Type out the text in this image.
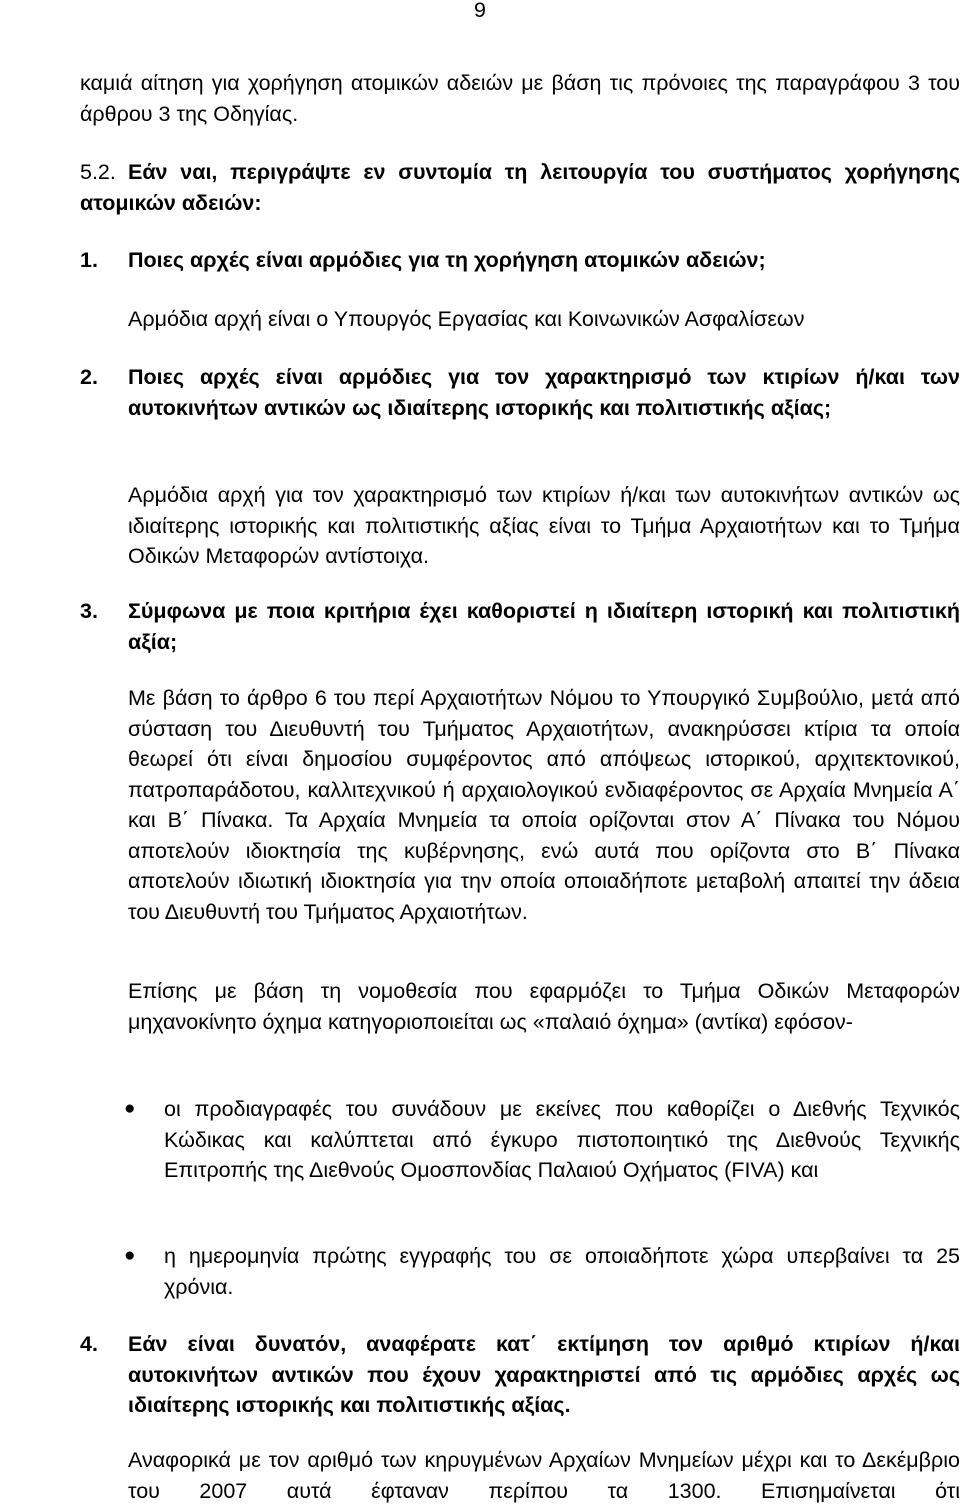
9
καμιά αίτηση για χορήγηση ατομικών αδειών με βάση τις πρόνοιες της παραγράφου 3 του άρθρου 3 της Οδηγίας.
5.2. Εάν ναι, περιγράψτε εν συντομία τη λειτουργία του συστήματος χορήγησης ατομικών αδειών:
1. Ποιες αρχές είναι αρμόδιες για τη χορήγηση ατομικών αδειών;
Αρμόδια αρχή είναι ο Υπουργός Εργασίας και Κοινωνικών Ασφαλίσεων
2. Ποιες αρχές είναι αρμόδιες για τον χαρακτηρισμό των κτιρίων ή/και των αυτοκινήτων αντικών ως ιδιαίτερης ιστορικής και πολιτιστικής αξίας;
Αρμόδια αρχή για τον χαρακτηρισμό των κτιρίων ή/και των αυτοκινήτων αντικών ως ιδιαίτερης ιστορικής και πολιτιστικής αξίας είναι το Τμήμα Αρχαιοτήτων και το Τμήμα Οδικών Μεταφορών αντίστοιχα.
3. Σύμφωνα με ποια κριτήρια έχει καθοριστεί η ιδιαίτερη ιστορική και πολιτιστική αξία;
Με βάση το άρθρο 6 του περί Αρχαιοτήτων Νόμου το Υπουργικό Συμβούλιο, μετά από σύσταση του Διευθυντή του Τμήματος Αρχαιοτήτων, ανακηρύσσει κτίρια τα οποία θεωρεί ότι είναι δημοσίου συμφέροντος από απόψεως ιστορικού, αρχιτεκτονικού, πατροπαράδοτου, καλλιτεχνικού ή αρχαιολογικού ενδιαφέροντος σε Αρχαία Μνημεία Α΄ και Β΄ Πίνακα. Τα Αρχαία Μνημεία τα οποία ορίζονται στον Α΄ Πίνακα του Νόμου αποτελούν ιδιοκτησία της κυβέρνησης, ενώ αυτά που ορίζοντα στο Β΄ Πίνακα αποτελούν ιδιωτική ιδιοκτησία για την οποία οποιαδήποτε μεταβολή απαιτεί την άδεια του Διευθυντή του Τμήματος Αρχαιοτήτων.
Επίσης με βάση τη νομοθεσία που εφαρμόζει το Τμήμα Οδικών Μεταφορών μηχανοκίνητο όχημα κατηγοριοποιείται ως «παλαιό όχημα» (αντίκα) εφόσον-
● οι προδιαγραφές του συνάδουν με εκείνες που καθορίζει ο Διεθνής Τεχνικός Κώδικας και καλύπτεται από έγκυρο πιστοποιητικό της Διεθνούς Τεχνικής Επιτροπής της Διεθνούς Ομοσπονδίας Παλαιού Οχήματος (FIVA) και
● η ημερομηνία πρώτης εγγραφής του σε οποιαδήποτε χώρα υπερβαίνει τα 25 χρόνια.
4. Εάν είναι δυνατόν, αναφέρατε κατ΄ εκτίμηση τον αριθμό κτιρίων ή/και αυτοκινήτων αντικών που έχουν χαρακτηριστεί από τις αρμόδιες αρχές ως ιδιαίτερης ιστορικής και πολιτιστικής αξίας.
Αναφορικά με τον αριθμό των κηρυγμένων Αρχαίων Μνημείων μέχρι και το Δεκέμβριο του 2007 αυτά έφταναν περίπου τα 1300. Επισημαίνεται ότι
